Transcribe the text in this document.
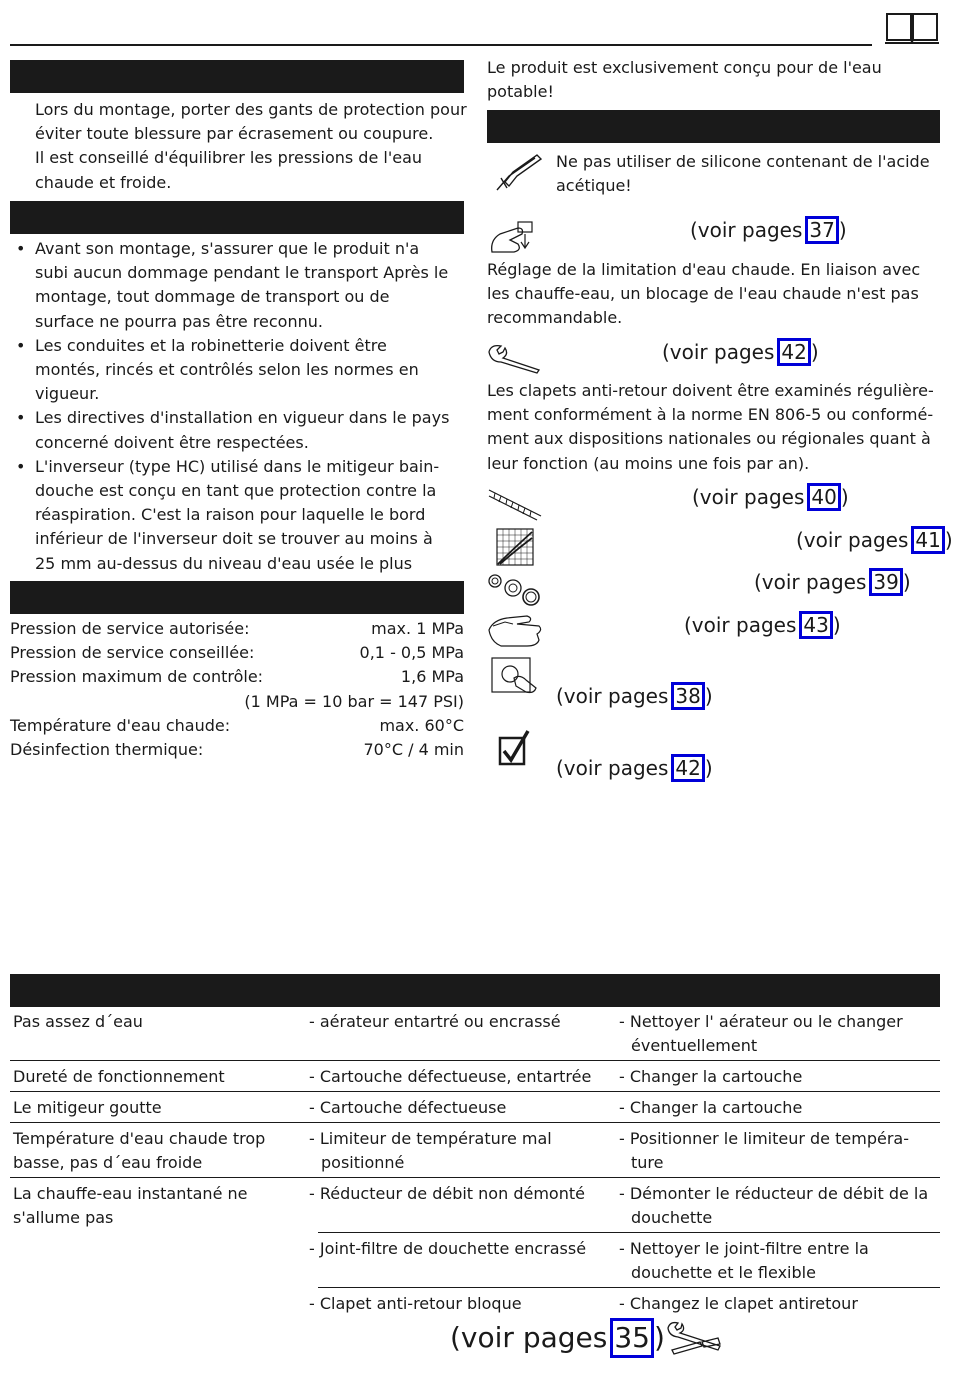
Lors du montage, porter des gants de protection pour
éviter toute blessure par écrasement ou coupure.
Il est conseillé d'équilibrer les pressions de l'eau
chaude et froide.
• Avant son montage, s'assurer que le produit n'a subi aucun dommage pendant le transport Après le montage, tout dommage de transport ou de surface ne pourra pas être reconnu.
• Les conduites et la robinetterie doivent être montés, rincés et contrôlés selon les normes en vigueur.
• Les directives d'installation en vigueur dans le pays concerné doivent être respectées.
• L'inverseur (type HC) utilisé dans le mitigeur bain-douche est conçu en tant que protection contre la réaspiration. C'est la raison pour laquelle le bord inférieur de l'inverseur doit se trouver au moins à 25 mm au-dessus du niveau d'eau usée le plus
Pression de service autorisée:	max. 1 MPa
Pression de service conseillée:	0,1 - 0,5 MPa
Pression maximum de contrôle:	1,6 MPa
(1 MPa = 10 bar = 147 PSI)
Température d'eau chaude:	max. 60°C
Désinfection thermique:	70°C / 4 min
Le produit est exclusivement conçu pour de l'eau
potable!
Ne pas utiliser de silicone contenant de l'acide
acétique!
(voir pages 37 )
Réglage de la limitation d'eau chaude. En liaison avec
les chauffe-eau, un blocage de l'eau chaude n'est pas
recommandable.
(voir pages 42 )
Les clapets anti-retour doivent être examinés régulière-
ment conformément à la norme EN 806-5 ou conformé-
ment aux dispositions nationales ou régionales quant à
leur fonction (au moins une fois par an).
(voir pages 40 )
(voir pages 41 )
(voir pages 39 )
(voir pages 43 )
(voir pages 38 )
(voir pages 42 )
Pas assez d´eau	- aérateur entartré ou encrassé	- Nettoyer l' aérateur ou le changer éventuellement
Dureté de fonctionnement	- Cartouche défectueuse, entartrée	- Changer la cartouche
Le mitigeur goutte	- Cartouche défectueuse	- Changer la cartouche
Température d'eau chaude trop basse, pas d´eau froide	- Limiteur de température mal positionné	- Positionner le limiteur de tempéra-ture
La chauffe-eau instantané ne s'allume pas	- Réducteur de débit non démonté	- Démonter le réducteur de débit de la douchette
	- Joint-filtre de douchette encrassé	- Nettoyer le joint-filtre entre la douchette et le flexible
	- Clapet anti-retour bloque	- Changez le clapet antiretour
(voir pages 35 )
